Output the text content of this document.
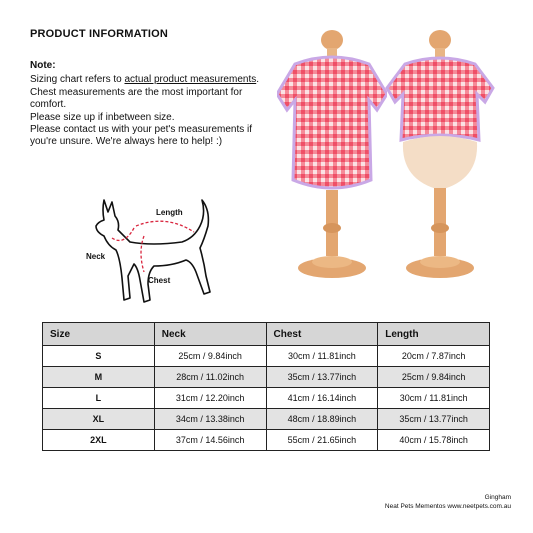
PRODUCT INFORMATION
Note:

Sizing chart refers to actual product measurements.

Chest measurements are the most important for comfort.

Please size up if inbetween size.

Please contact us with your pet's measurements if you're unsure. We're always here to help! :)

Length
Neck
Chest
Size	Neck	Chest	Length
S	25cm / 9.84inch	30cm / 11.81inch	20cm / 7.87inch
M	28cm / 11.02inch	35cm / 13.77inch	25cm / 9.84inch
L	31cm / 12.20inch	41cm / 16.14inch	30cm / 11.81inch
XL	34cm / 13.38inch	48cm / 18.89inch	35cm / 13.77inch
2XL	37cm / 14.56inch	55cm / 21.65inch	40cm / 15.78inch
Gingham
Neat Pets Mementos www.neetpets.com.au
